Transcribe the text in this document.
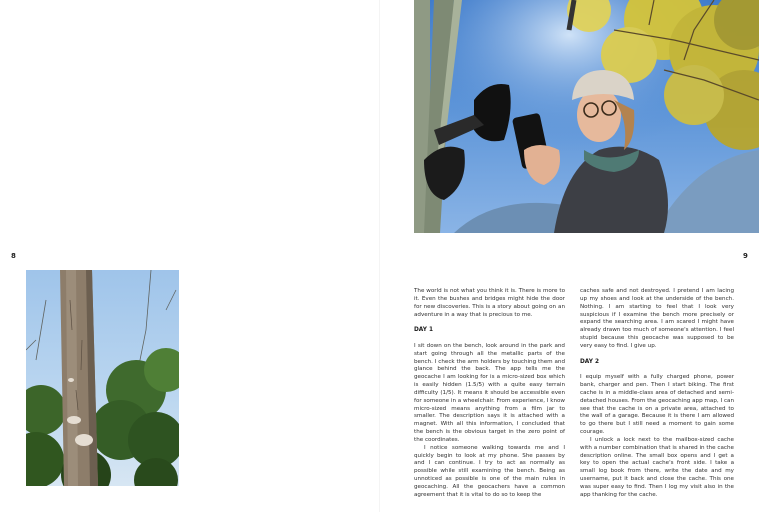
8	9

The world is not what you think it is. There is more to it. Even the bushes and bridges might hide the door for new discoveries. This is a story about going on an adventure in a way that is precious to me.

DAY 1

I sit down on the bench, look around in the park and start going through all the metallic parts of the bench. I check the arm holders by touching them and glance behind the back. The app tells me the geocache I am looking for is a micro-sized box which is easily hidden (1.5/5) with a quite easy terrain difficulty (1/5). It means it should be accessible even for someone in a wheelchair. From experience, I know micro-sized means anything from a film jar to smaller. The description says it is attached with a magnet. With all this information, I concluded that the bench is the obvious target in the zero point of the coordinates.

I notice someone walking towards me and I quickly begin to look at my phone. She passes by and I can continue. I try to act as normally as possible while still examining the bench. Being as unnoticed as possible is one of the main rules in geocaching. All the geocachers have a common agreement that it is vital to do so to keep the

caches safe and not destroyed. I pretend I am lacing up my shoes and look at the underside of the bench. Nothing. I am starting to feel that I look very suspicious if I examine the bench more precisely or expand the searching area. I am scared I might have already drawn too much of someone's attention. I feel stupid because this geocache was supposed to be very easy to find. I give up.

DAY 2

I equip myself with a fully charged phone, power bank, charger and pen. Then I start biking. The first cache is in a middle-class area of detached and semi-detached houses. From the geocaching app map, I can see that the cache is on a private area, attached to the wall of a garage. Because it is there I am allowed to go there but I still need a moment to gain some courage.

I unlock a lock next to the mailbox-sized cache with a number combination that is shared in the cache description online. The small box opens and I get a key to open the actual cache's front side. I take a small log book from there, write the date and my username, put it back and close the cache. This one was super easy to find. Then I log my visit also in the app thanking for the cache.
